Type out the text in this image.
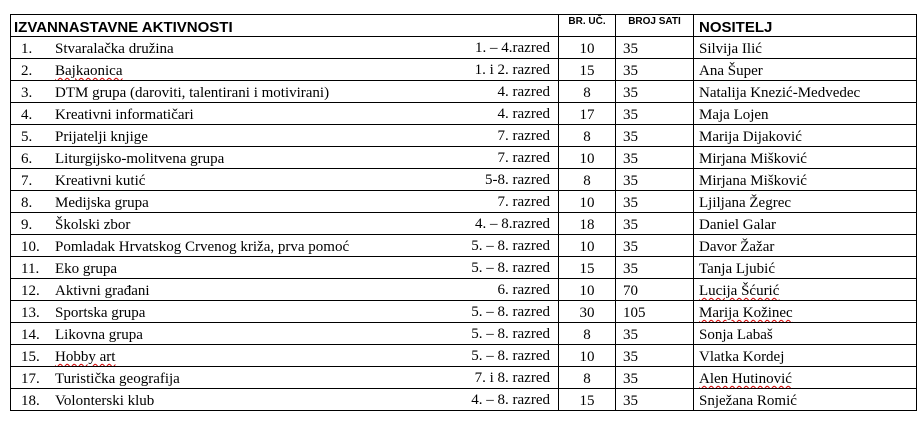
IZVANNASTAVNE AKTIVNOSTI	BR. UČ.	BROJ SATI	NOSITELJ
1. Stvaralačka družina 1. – 4.razred	10	35	Silvija Ilić
2. Bajkaonica 1. i 2. razred	15	35	Ana Šuper
3. DTM grupa (daroviti, talentirani i motivirani) 4. razred	8	35	Natalija Knezić-Medvedec
4. Kreativni informatičari 4. razred	17	35	Maja Lojen
5. Prijatelji knjige 7. razred	8	35	Marija Dijaković
6. Liturgijsko-molitvena grupa 7. razred	10	35	Mirjana Mišković
7. Kreativni kutić 5-8. razred	8	35	Mirjana Mišković
8. Medijska grupa 7. razred	10	35	Ljiljana Žegrec
9. Školski zbor 4. – 8.razred	18	35	Daniel Galar
10. Pomladak Hrvatskog Crvenog križa, prva pomoć 5. – 8. razred	10	35	Davor Žažar
11. Eko grupa 5. – 8. razred	15	35	Tanja Ljubić
12. Aktivni građani 6. razred	10	70	Lucija Šćurić
13. Sportska grupa 5. – 8. razred	30	105	Marija Kožinec
14. Likovna grupa 5. – 8. razred	8	35	Sonja Labaš
15. Hobby art 5. – 8. razred	10	35	Vlatka Kordej
17. Turistička geografija 7. i 8. razred	8	35	Alen Hutinović
18. Volonterski klub 4. – 8. razred	15	35	Snježana Romić
